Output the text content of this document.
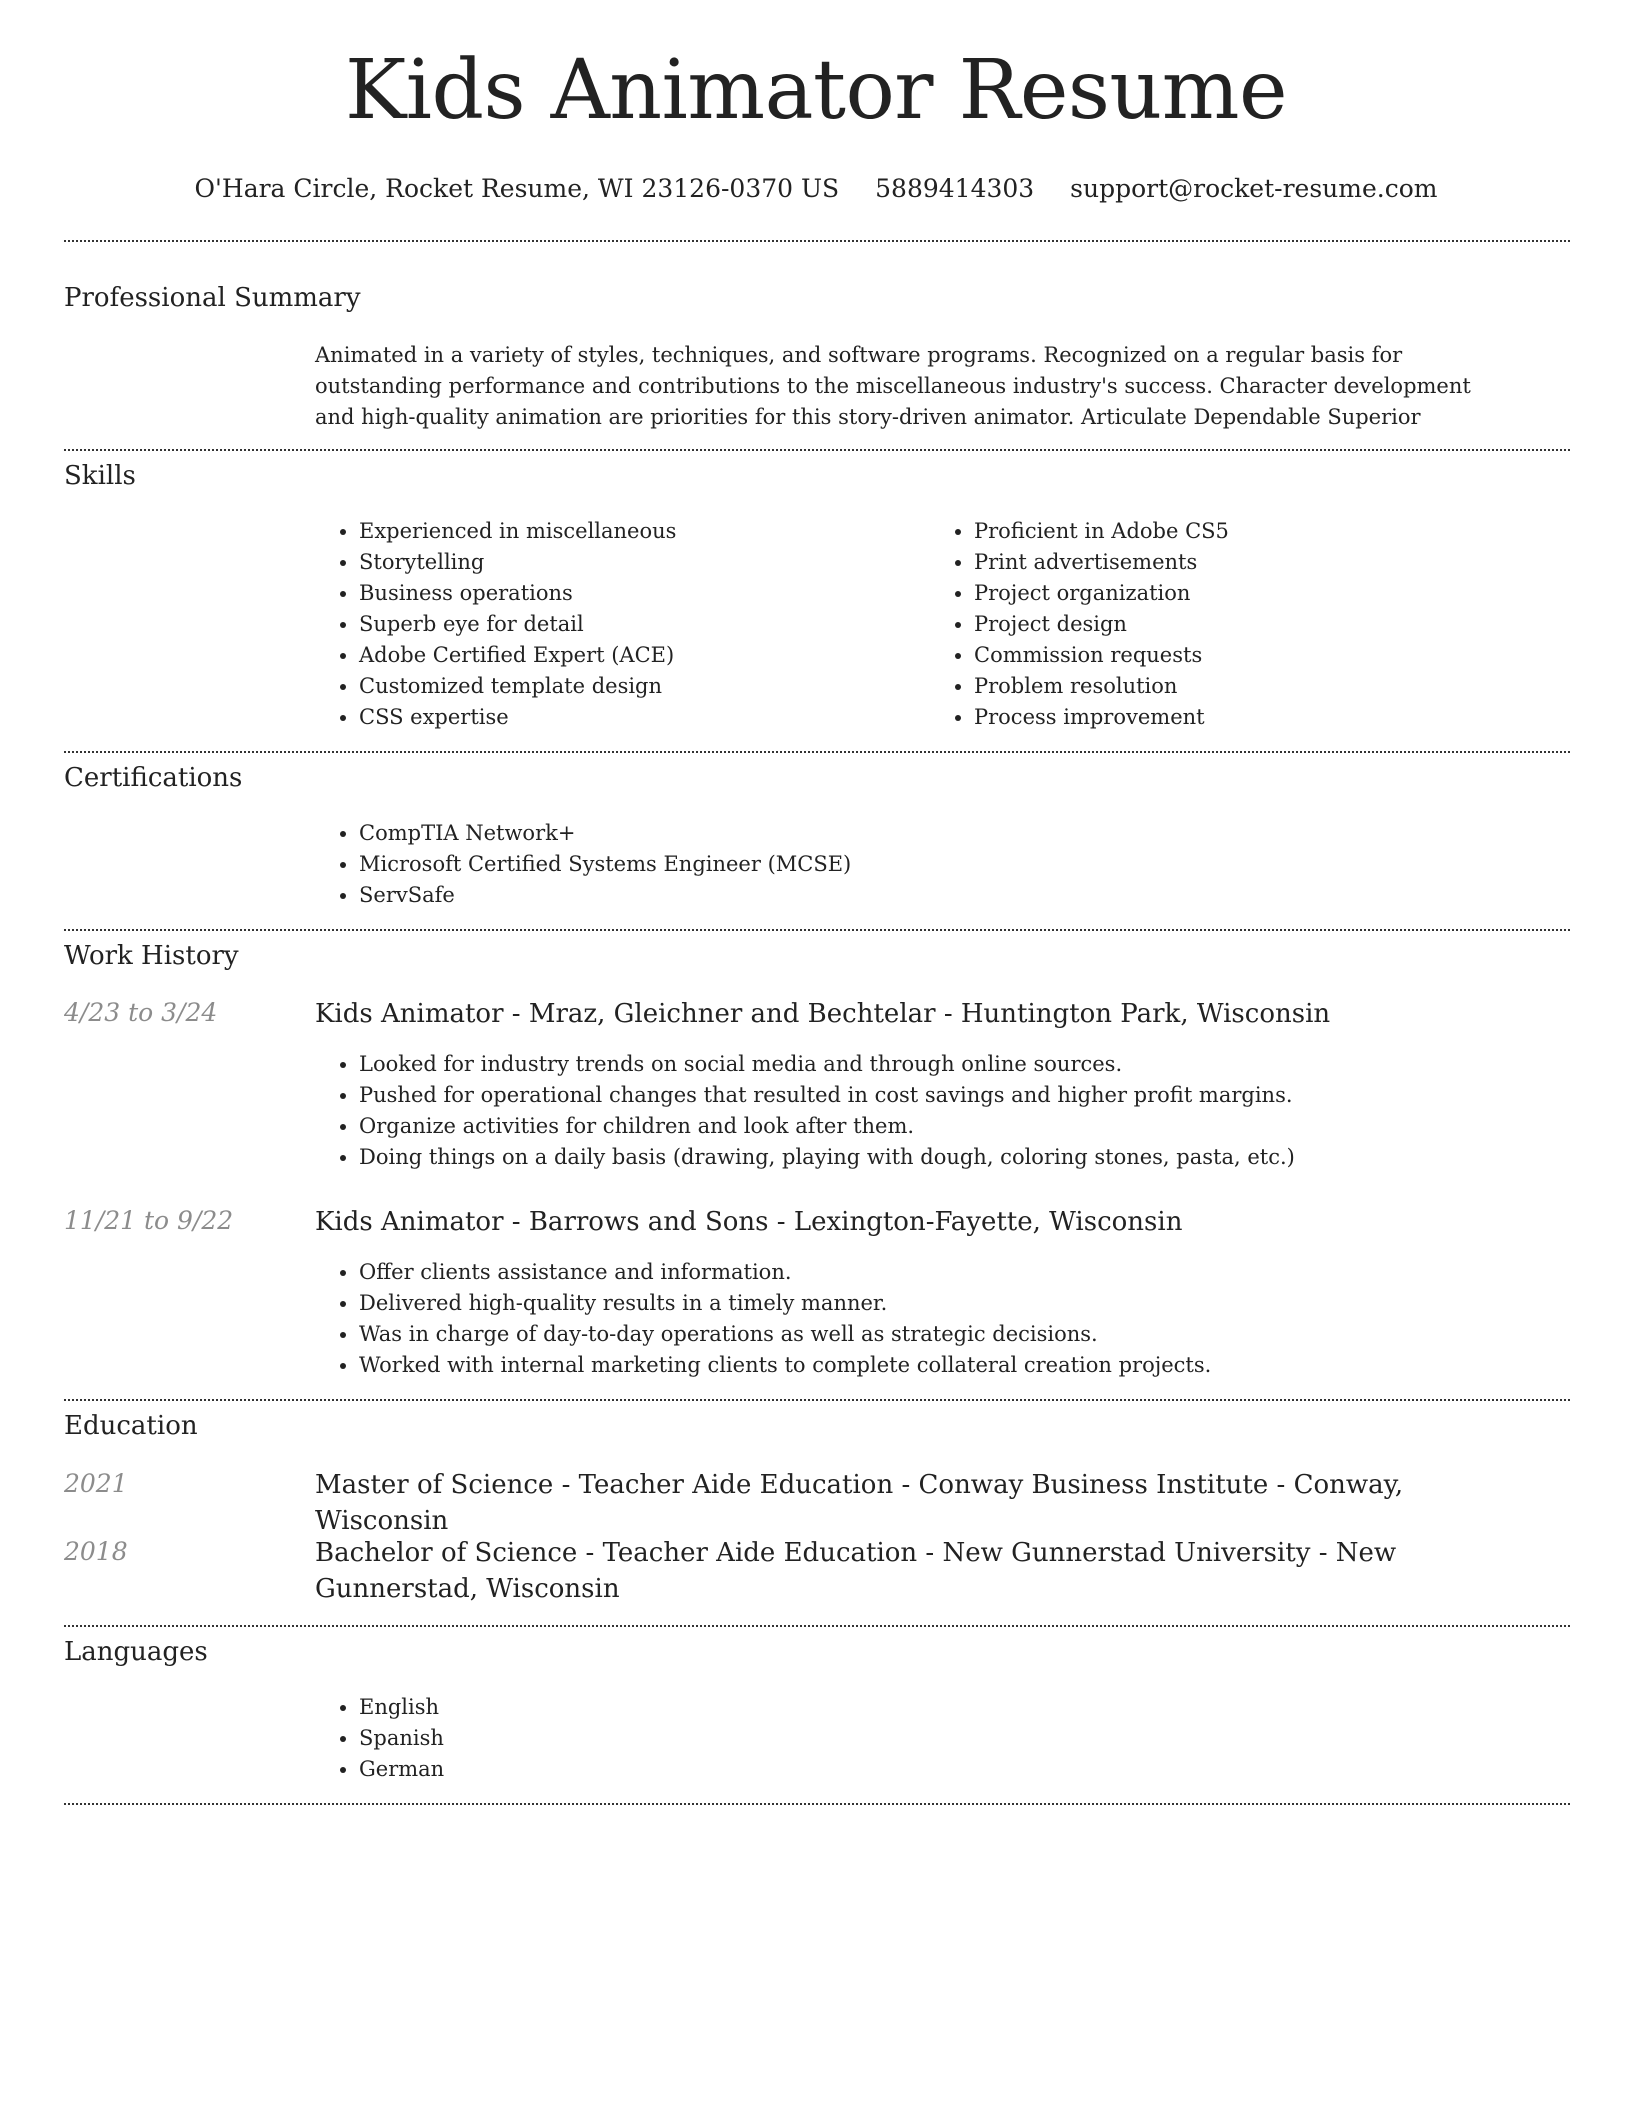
Kids Animator Resume
O'Hara Circle, Rocket Resume, WI 23126-0370 US 5889414303 support@rocket-resume.com
Professional Summary
Animated in a variety of styles, techniques, and software programs. Recognized on a regular basis for outstanding performance and contributions to the miscellaneous industry's success. Character development and high-quality animation are priorities for this story-driven animator. Articulate Dependable Superior
Skills
• Experienced in miscellaneous
• Storytelling
• Business operations
• Superb eye for detail
• Adobe Certified Expert (ACE)
• Customized template design
• CSS expertise
• Proficient in Adobe CS5
• Print advertisements
• Project organization
• Project design
• Commission requests
• Problem resolution
• Process improvement
Certifications
• CompTIA Network+
• Microsoft Certified Systems Engineer (MCSE)
• ServSafe
Work History
4/23 to 3/24	Kids Animator - Mraz, Gleichner and Bechtelar - Huntington Park, Wisconsin
• Looked for industry trends on social media and through online sources.
• Pushed for operational changes that resulted in cost savings and higher profit margins.
• Organize activities for children and look after them.
• Doing things on a daily basis (drawing, playing with dough, coloring stones, pasta, etc.)
11/21 to 9/22	Kids Animator - Barrows and Sons - Lexington-Fayette, Wisconsin
• Offer clients assistance and information.
• Delivered high-quality results in a timely manner.
• Was in charge of day-to-day operations as well as strategic decisions.
• Worked with internal marketing clients to complete collateral creation projects.
Education
2021	Master of Science - Teacher Aide Education - Conway Business Institute - Conway, Wisconsin
2018	Bachelor of Science - Teacher Aide Education - New Gunnerstad University - New Gunnerstad, Wisconsin
Languages
• English
• Spanish
• German
